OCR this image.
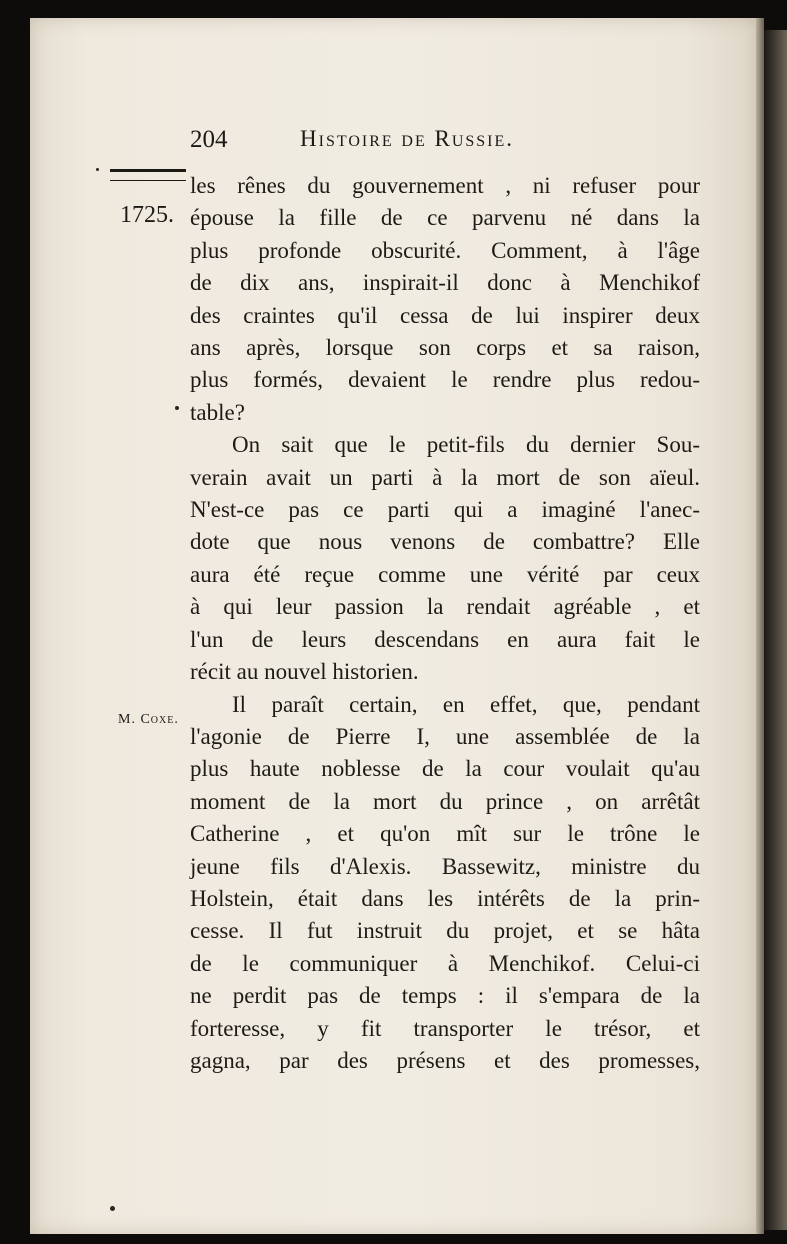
204	Histoire de Russie.
1725.
M. Coxe.
les rênes du gouvernement , ni refuser pour
épouse la fille de ce parvenu né dans la
plus profonde obscurité. Comment, à l'âge
de dix ans, inspirait-il donc à Menchikof
des craintes qu'il cessa de lui inspirer deux
ans après, lorsque son corps et sa raison,
plus formés, devaient le rendre plus redou-
table?
On sait que le petit-fils du dernier Sou-
verain avait un parti à la mort de son aïeul.
N'est-ce pas ce parti qui a imaginé l'anec-
dote que nous venons de combattre? Elle
aura été reçue comme une vérité par ceux
à qui leur passion la rendait agréable , et
l'un de leurs descendans en aura fait le
récit au nouvel historien.
Il paraît certain, en effet, que, pendant
l'agonie de Pierre I, une assemblée de la
plus haute noblesse de la cour voulait qu'au
moment de la mort du prince , on arrêtât
Catherine , et qu'on mît sur le trône le
jeune fils d'Alexis. Bassewitz, ministre du
Holstein, était dans les intérêts de la prin-
cesse. Il fut instruit du projet, et se hâta
de le communiquer à Menchikof. Celui-ci
ne perdit pas de temps : il s'empara de la
forteresse, y fit transporter le trésor, et
gagna, par des présens et des promesses,
